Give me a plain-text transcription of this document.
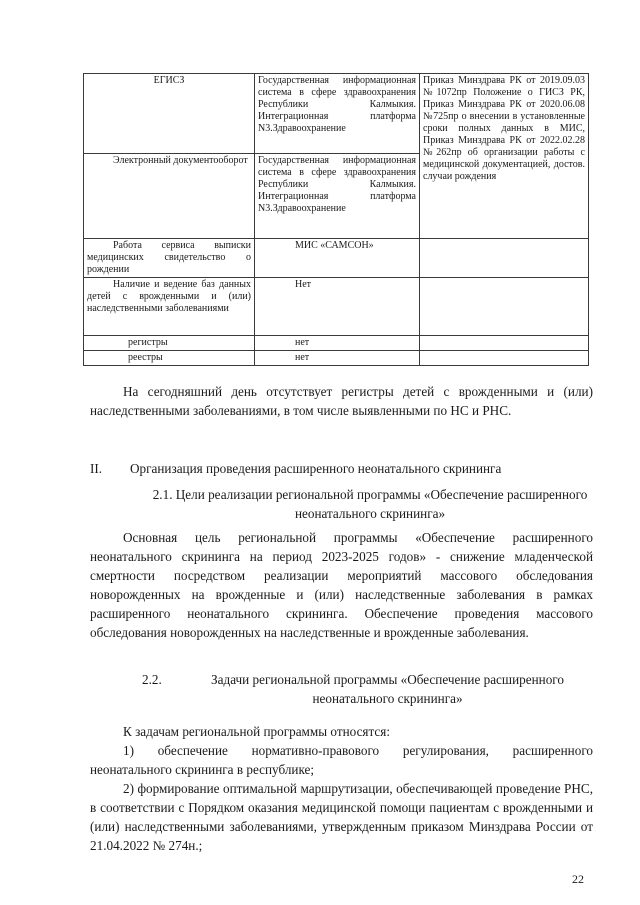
ЕГИСЗ	Государственная информационная система в сфере здравоохранения Республики Калмыкия. Интеграционная платформа N3.Здравоохранение	Приказ Минздрава РК от 2019.09.03 №1072пр Положение о ГИСЗ РК, Приказ Минздрава РК от 2020.06.08 №725пр о внесении в установленные сроки полных данных в МИС, Приказ Минздрава РК от 2022.02.28 №262пр об организации работы с медицинской документацией, достов. случаи рождения
Электронный документооборот	Государственная информационная система в сфере здравоохранения Республики Калмыкия. Интеграционная платформа N3.Здравоохранение	
Работа сервиса выписки медицинских свидетельство о рождении	МИС «САМСОН»	
Наличие и ведение баз данных детей с врожденными и (или) наследственными заболеваниями	Нет	
регистры	нет	
реестры	нет	

На сегодняшний день отсутствует регистры детей с врожденными и (или) наследственными заболеваниями, в том числе выявленными по НС и РНС.

II. Организация проведения расширенного неонатального скрининга

2.1. Цели реализации региональной программы «Обеспечение расширенного неонатального скрининга»

Основная цель региональной программы «Обеспечение расширенного неонатального скрининга на период 2023-2025 годов» - снижение младенческой смертности посредством реализации мероприятий массового обследования новорожденных на врожденные и (или) наследственные заболевания в рамках расширенного неонатального скрининга. Обеспечение проведения массового обследования новорожденных на наследственные и врожденные заболевания.

2.2.	Задачи региональной программы «Обеспечение расширенного неонатального скрининга»

К задачам региональной программы относятся:

1) обеспечение нормативно-правового регулирования, расширенного неонатального скрининга в республике;

2) формирование оптимальной маршрутизации, обеспечивающей проведение РНС, в соответствии с Порядком оказания медицинской помощи пациентам с врожденными и (или) наследственными заболеваниями, утвержденным приказом Минздрава России от 21.04.2022 № 274н.;

22
